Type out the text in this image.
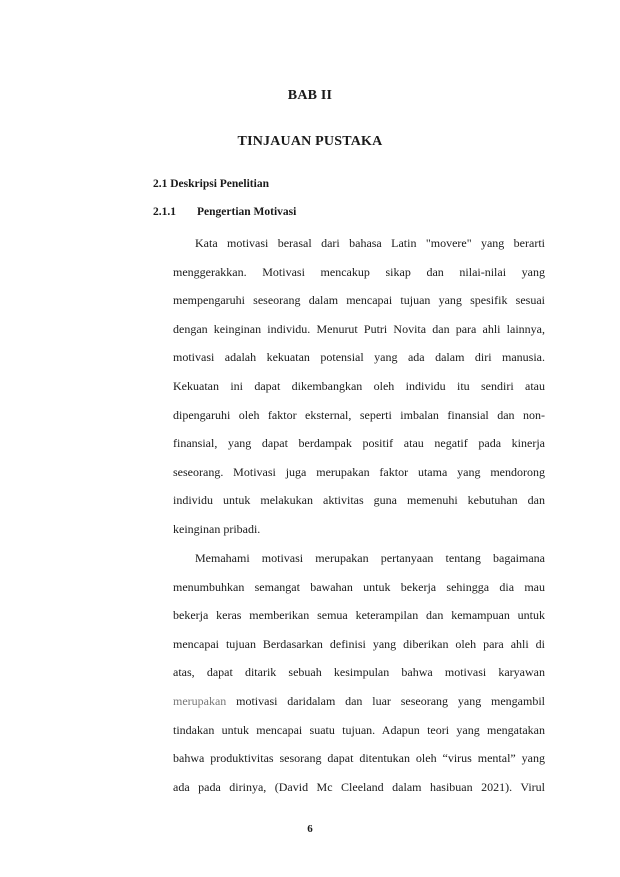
BAB II
TINJAUAN PUSTAKA
2.1 Deskripsi Penelitian
2.1.1 Pengertian Motivasi
Kata motivasi berasal dari bahasa Latin "movere" yang berarti
menggerakkan. Motivasi mencakup sikap dan nilai-nilai yang
mempengaruhi seseorang dalam mencapai tujuan yang spesifik sesuai
dengan keinginan individu. Menurut Putri Novita dan para ahli lainnya,
motivasi adalah kekuatan potensial yang ada dalam diri manusia.
Kekuatan ini dapat dikembangkan oleh individu itu sendiri atau
dipengaruhi oleh faktor eksternal, seperti imbalan finansial dan non-
finansial, yang dapat berdampak positif atau negatif pada kinerja
seseorang. Motivasi juga merupakan faktor utama yang mendorong
individu untuk melakukan aktivitas guna memenuhi kebutuhan dan
keinginan pribadi.
Memahami motivasi merupakan pertanyaan tentang bagaimana
menumbuhkan semangat bawahan untuk bekerja sehingga dia mau
bekerja keras memberikan semua keterampilan dan kemampuan untuk
mencapai tujuan Berdasarkan definisi yang diberikan oleh para ahli di
atas, dapat ditarik sebuah kesimpulan bahwa motivasi karyawan
merupakan motivasi daridalam dan luar seseorang yang mengambil
tindakan untuk mencapai suatu tujuan. Adapun teori yang mengatakan
bahwa produktivitas sesorang dapat ditentukan oleh “virus mental” yang
ada pada dirinya, (David Mc Cleeland dalam hasibuan 2021). Virul
6
